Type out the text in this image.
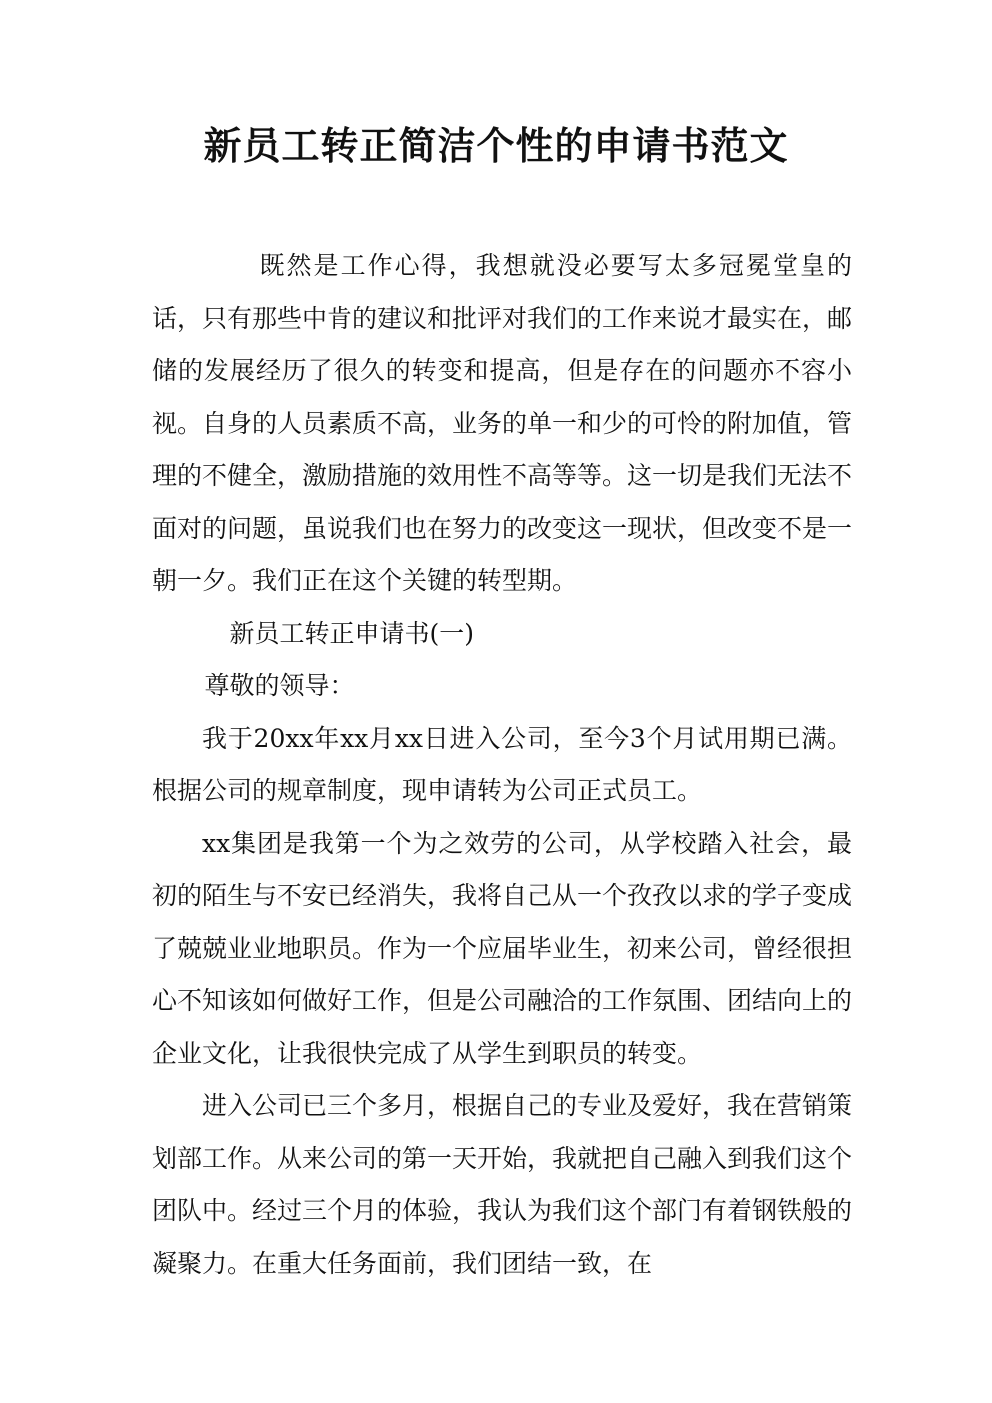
新员工转正简洁个性的申请书范文

既然是工作心得，我想就没必要写太多冠冕堂皇的话，只有那些中肯的建议和批评对我们的工作来说才最实在，邮储的发展经历了很久的转变和提高，但是存在的问题亦不容小视。自身的人员素质不高，业务的单一和少的可怜的附加值，管理的不健全，激励措施的效用性不高等等。这一切是我们无法不面对的问题，虽说我们也在努力的改变这一现状，但改变不是一朝一夕。我们正在这个关键的转型期。

新员工转正申请书(一)

尊敬的领导：

我于20xx年xx月xx日进入公司，至今3个月试用期已满。根据公司的规章制度，现申请转为公司正式员工。

xx集团是我第一个为之效劳的公司，从学校踏入社会，最初的陌生与不安已经消失，我将自己从一个孜孜以求的学子变成了兢兢业业地职员。作为一个应届毕业生，初来公司，曾经很担心不知该如何做好工作，但是公司融洽的工作氛围、团结向上的企业文化，让我很快完成了从学生到职员的转变。

进入公司已三个多月，根据自己的专业及爱好，我在营销策划部工作。从来公司的第一天开始，我就把自己融入到我们这个团队中。经过三个月的体验，我认为我们这个部门有着钢铁般的凝聚力。在重大任务面前，我们团结一致，在
